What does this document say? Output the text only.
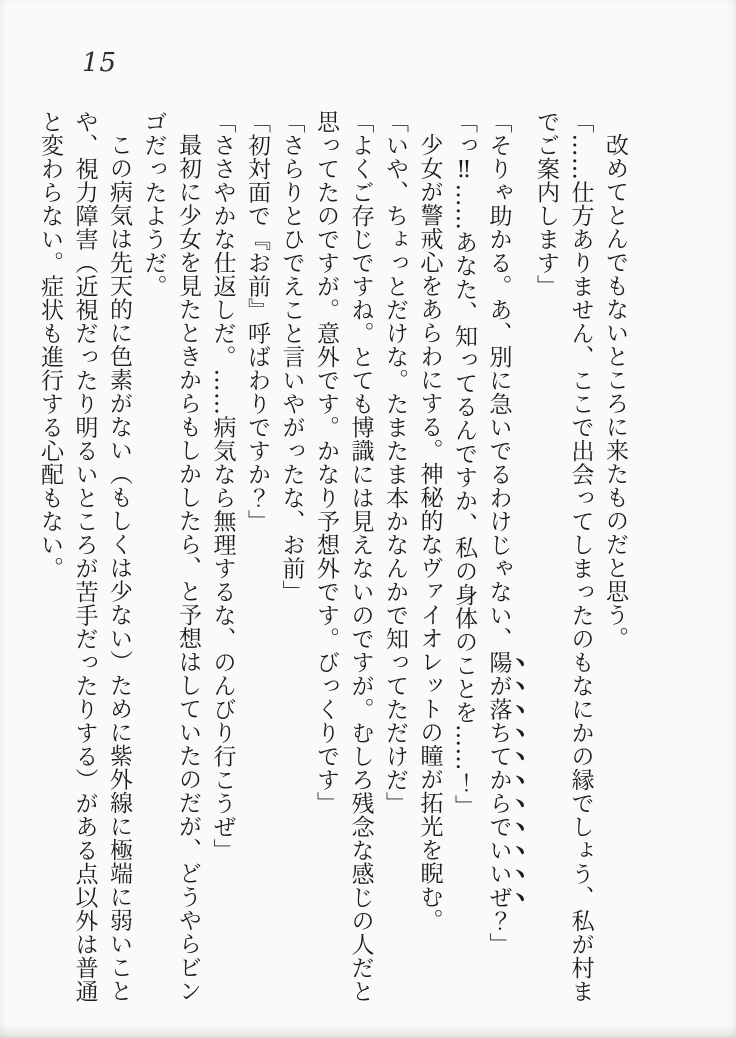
15

改めてとんでもないところに来たものだと思う。

「……仕方ありません、ここで出会ってしまったのもなにかの縁でしょう、私が村までご案内します」

「そりゃ助かる。あ、別に急いでるわけじゃない、陽が落ちてからでいいぜ？」

「っ‼……あなた、知ってるんですか、私の身体のことを……！」

少女が警戒心をあらわにする。神秘的なヴァイオレットの瞳が拓光を睨む。

「いや、ちょっとだけな。たまたま本かなんかで知ってただけだ」

「よくご存じですね。とても博識には見えないのですが。むしろ残念な感じの人だと思ってたのですが。意外です。かなり予想外です。びっくりです」

「さらりとひでえこと言いやがったな、お前」

「初対面で『お前』呼ばわりですか？」

「ささやかな仕返しだ。……病気なら無理するな、のんびり行こうぜ」

最初に少女を見たときからもしかしたら、と予想はしていたのだが、どうやらビンゴだったようだ。

この病気は先天的に色素がない（もしくは少ない）ために紫外線に極端に弱いことや、視力障害（近視だったり明るいところが苦手だったりする）がある点以外は普通と変わらない。症状も進行する心配もない。
